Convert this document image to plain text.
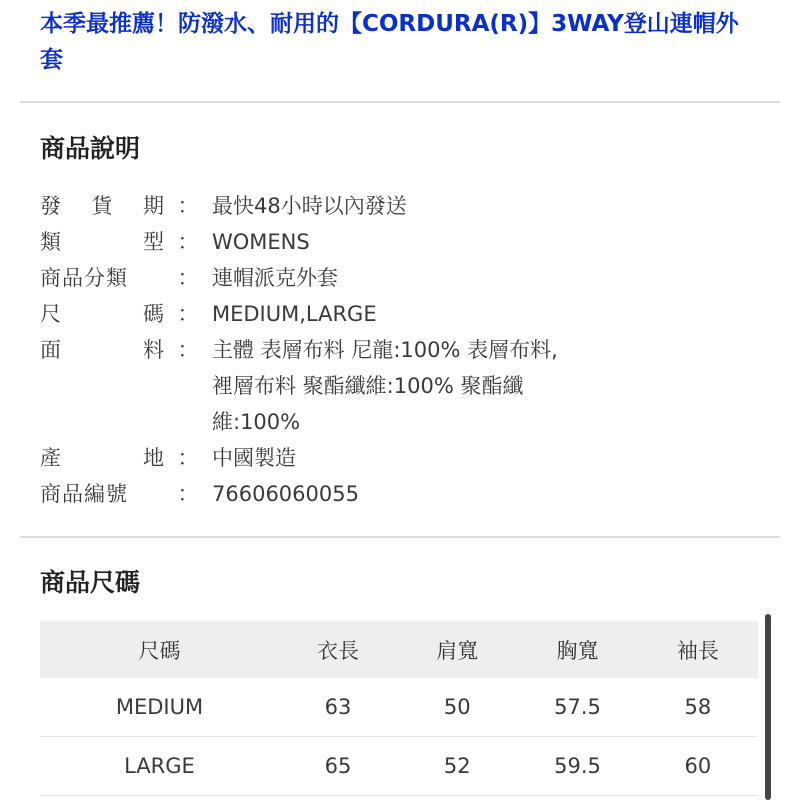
本季最推薦！防潑水、耐用的【CORDURA(R)】3WAY登山連帽外套
商品說明
發 貨 期 ： 最快48小時以內發送
類	型 ： WOMENS
商品分類	： 連帽派克外套
尺	碼 ： MEDIUM,LARGE
面	料 ： 主體 表層布料 尼龍:100% 表層布料,裡層布料 聚酯纖維:100% 聚酯纖維:100%
產	地 ： 中國製造
商品編號	： 76606060055
商品尺碼
尺碼	衣長	肩寬	胸寬	袖長
MEDIUM	63	50	57.5	58
LARGE	65	52	59.5	60
